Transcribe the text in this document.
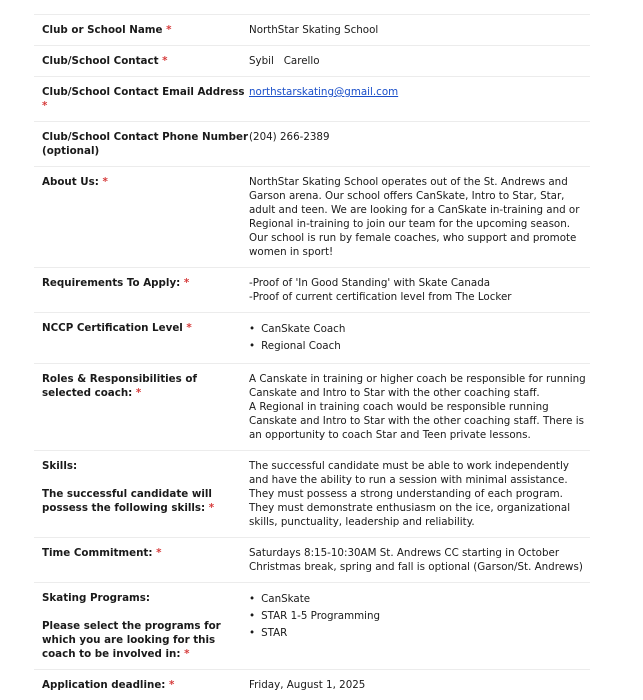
Club or School Name *	NorthStar Skating School
Club/School Contact *	Sybil   Carello
Club/School Contact Email Address *
northstarskating@gmail.com
Club/School Contact Phone Number (optional)
(204) 266-2389
About Us: *	NorthStar Skating School operates out of the St. Andrews and Garson arena. Our school offers CanSkate, Intro to Star, Star, adult and teen. We are looking for a CanSkate in-training and or Regional in-training to join our team for the upcoming season. Our school is run by female coaches, who support and promote women in sport!
Requirements To Apply: *	-Proof of 'In Good Standing' with Skate Canada

-Proof of current certification level from The Locker

NCCP Certification Level *
•	CanSkate Coach
• Regional Coach
Roles & Responsibilities of selected coach: *

A Canskate in training or higher coach be responsible for running Canskate and Intro to Star with the other coaching staff.

A Regional in training coach would be responsible running Canskate and Intro to Star with the other coaching staff. There is an opportunity to coach Star and Teen private lessons.

Skills:
The successful candidate will possess the following skills: *
The successful candidate must be able to work independently and have the ability to run a session with minimal assistance. They must possess a strong understanding of each program. They must demonstrate enthusiasm on the ice, organizational skills, punctuality, leadership and reliability.
Time Commitment: *	Saturdays 8:15-10:30AM St. Andrews CC starting in October Christmas break, spring and fall is optional (Garson/St. Andrews)
Skating Programs:
Please select the programs for which you are looking for this coach to be involved in: *
• CanSkate
• STAR 1-5 Programming
• STAR
Application deadline: *	Friday, August 1, 2025
